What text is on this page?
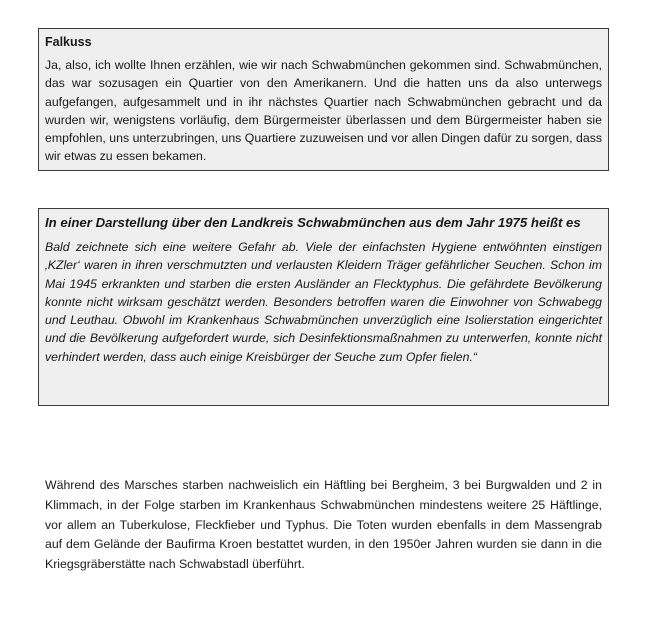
Falkuss

Ja, also, ich wollte Ihnen erzählen, wie wir nach Schwabmünchen gekommen sind. Schwabmünchen, das war sozusagen ein Quartier von den Amerikanern. Und die hatten uns da also unterwegs aufgefangen, aufgesammelt und in ihr nächstes Quartier nach Schwabmünchen gebracht und da wurden wir, wenigstens vorläufig, dem Bürgermeister überlassen und dem Bürgermeister haben sie empfohlen, uns unterzubringen, uns Quartiere zuzuweisen und vor allen Dingen dafür zu sorgen, dass wir etwas zu essen bekamen.

In einer Darstellung über den Landkreis Schwabmünchen aus dem Jahr 1975 heißt es

Bald zeichnete sich eine weitere Gefahr ab. Viele der einfachsten Hygiene entwöhnten einstigen ‚KZler‘ waren in ihren verschmutzten und verlausten Kleidern Träger gefährlicher Seuchen. Schon im Mai 1945 erkrankten und starben die ersten Ausländer an Flecktyphus. Die gefährdete Bevölkerung konnte nicht wirksam geschätzt werden. Besonders betroffen waren die Einwohner von Schwabegg und Leuthau. Obwohl im Krankenhaus Schwabmünchen unverzüglich eine Isolierstation eingerichtet und die Bevölkerung aufgefordert wurde, sich Desinfektionsmaßnahmen zu unterwerfen, konnte nicht verhindert werden, dass auch einige Kreisbürger der Seuche zum Opfer fielen.“

Während des Marsches starben nachweislich ein Häftling bei Bergheim, 3 bei Burgwalden und 2 in Klimmach, in der Folge starben im Krankenhaus Schwabmünchen mindestens weitere 25 Häftlinge, vor allem an Tuberkulose, Fleckfieber und Typhus. Die Toten wurden ebenfalls in dem Massengrab auf dem Gelände der Baufirma Kroen bestattet wurden, in den 1950er Jahren wurden sie dann in die Kriegsgräberstätte nach Schwabstadl überführt.
